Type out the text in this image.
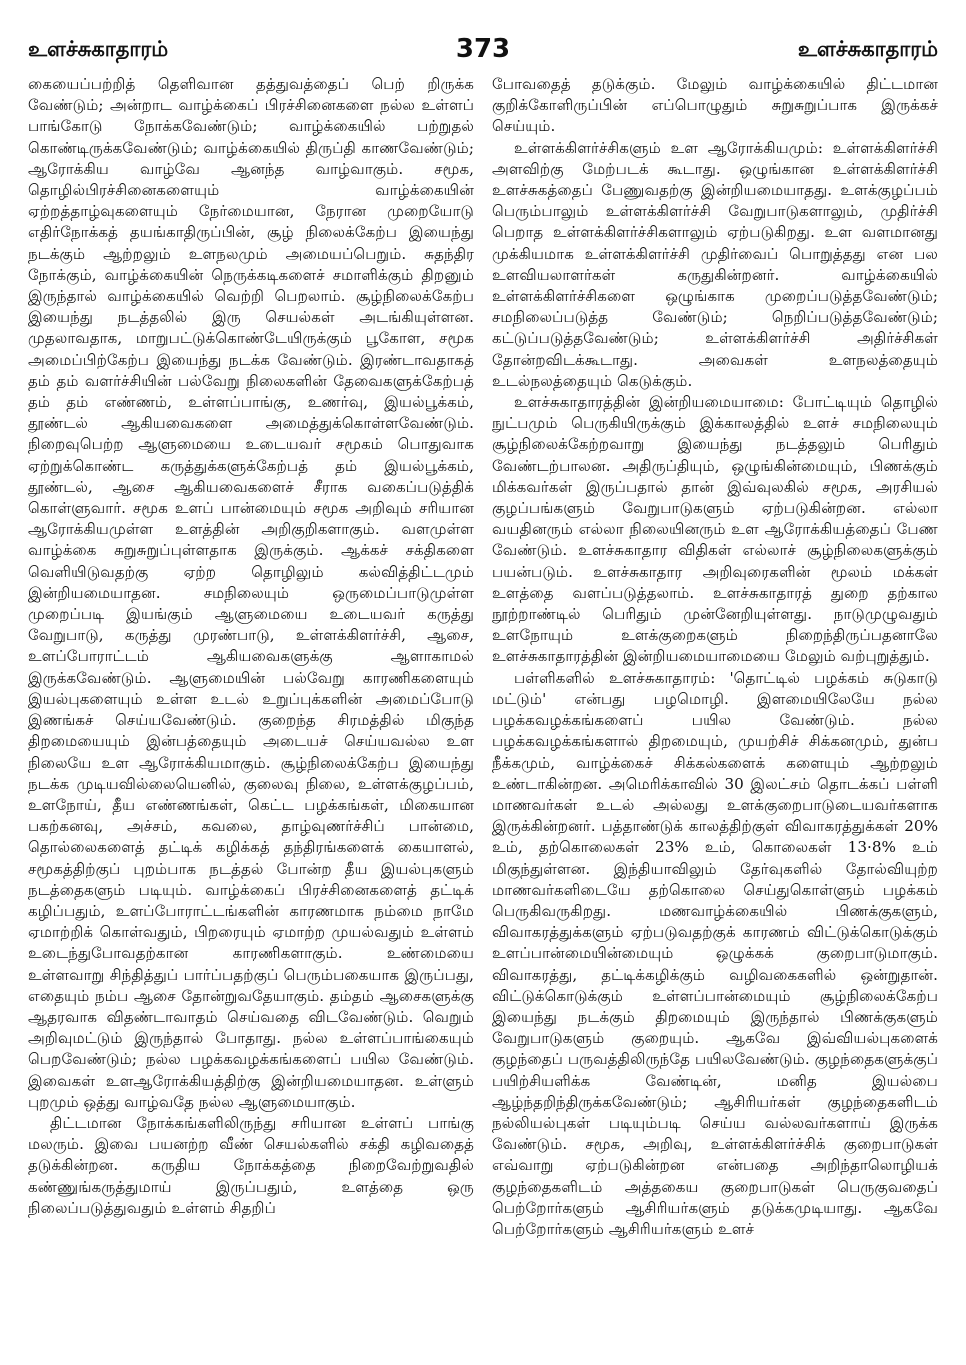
உளச்சுகாதாரம்	373	உளச்சுகாதாரம்

கையைப்பற்றித் தெளிவான தத்துவத்தைப் பெற் றிருக்க வேண்டும்; அன்றாட வாழ்க்கைப் பிரச்சினைகளை நல்ல உள்ளப் பாங்கோடு நோக்கவேண்டும்; வாழ்க்கையில் பற்றுதல் கொண்டிருக்கவேண்டும்; வாழ்க்கையில் திருப்தி காணவேண்டும்; ஆரோக்கிய வாழ்வே ஆனந்த வாழ்வாகும். சமூக, தொழில்பிரச்சினைகளையும் வாழ்க்கையின் ஏற்றத்தாழ்வுகளையும் நேர்மையான, நேரான முறையோடு எதிர்நோக்கத் தயங்காதிருப்பின், சூழ் நிலைக்கேற்ப இயைந்து நடக்கும் ஆற்றலும் உளநலமும் அமையப்பெறும். சுதந்திர நோக்கும், வாழ்க்கையின் நெருக்கடிகளைச் சமாளிக்கும் திறனும் இருந்தால் வாழ்க்கையில் வெற்றி பெறலாம். சூழ்நிலைக்கேற்ப இயைந்து நடத்தலில் இரு செயல்கள் அடங்கியுள்ளன. முதலாவதாக, மாறுபட்டுக்கொண்டேயிருக்கும் பூகோள, சமூக அமைப்பிற்கேற்ப இயைந்து நடக்க வேண்டும். இரண்டாவதாகத் தம் தம் வளர்ச்சியின் பல்வேறு நிலைகளின் தேவைகளுக்கேற்பத் தம் தம் எண்ணம், உள்ளப்பாங்கு, உணர்வு, இயல்பூக்கம், தூண்டல் ஆகியவைகளை அமைத்துக்கொள்ளவேண்டும். நிறைவுபெற்ற ஆளுமையை உடையவர் சமூகம் பொதுவாக ஏற்றுக்கொண்ட கருத்துக்களுக்கேற்பத் தம் இயல்பூக்கம், தூண்டல், ஆசை ஆகியவைகளைச் சீராக வகைப்படுத்திக் கொள்ளுவார். சமூக உளப் பான்மையும் சமூக அறிவும் சரியான ஆரோக்கியமுள்ள உளத்தின் அறிகுறிகளாகும். வளமுள்ள வாழ்க்கை சுறுசுறுப்புள்ளதாக இருக்கும். ஆக்கச் சக்திகளை வெளியிடுவதற்கு ஏற்ற தொழிலும் கல்வித்திட்டமும் இன்றியமையாதன. சமநிலையும் ஒருமைப்பாடுமுள்ள முறைப்படி இயங்கும் ஆளுமையை உடையவர் கருத்து வேறுபாடு, கருத்து முரண்பாடு, உள்ளக்கிளர்ச்சி, ஆசை, உளப்போராட்டம் ஆகியவைகளுக்கு ஆளாகாமல் இருக்கவேண்டும். ஆளுமையின் பல்வேறு காரணிகளையும் இயல்புகளையும் உள்ள உடல் உறுப்புக்களின் அமைப்போடு இணங்கச் செய்யவேண்டும். குறைந்த சிரமத்தில் மிகுந்த திறமையையும் இன்பத்தையும் அடையச் செய்யவல்ல உள நிலையே உள ஆரோக்கியமாகும். சூழ்நிலைக்கேற்ப இயைந்து நடக்க முடியவில்லையெனில், குலைவு நிலை, உள்ளக்குழப்பம், உளநோய், தீய எண்ணங்கள், கெட்ட பழக்கங்கள், மிகையான பகற்கனவு, அச்சம், கவலை, தாழ்வுணர்ச்சிப் பான்மை, தொல்லைகளைத் தட்டிக் கழிக்கத் தந்திரங்களைக் கையாளல், சமூகத்திற்குப் புறம்பாக நடத்தல் போன்ற தீய இயல்புகளும் நடத்தைகளும் படியும். வாழ்க்கைப் பிரச்சினைகளைத் தட்டிக் கழிப்பதும், உளப்போராட்டங்களின் காரணமாக நம்மை நாமே ஏமாற்றிக் கொள்வதும், பிறரையும் ஏமாற்ற முயல்வதும் உள்ளம் உடைந்துபோவதற்கான காரணிகளாகும். உண்மையை உள்ளவாறு சிந்தித்துப் பார்ப்பதற்குப் பெரும்பகையாக இருப்பது, எதையும் நம்ப ஆசை தோன்றுவதேயாகும். தம்தம் ஆசைகளுக்கு ஆதரவாக விதண்டாவாதம் செய்வதை விடவேண்டும். வெறும் அறிவுமட்டும் இருந்தால் போதாது. நல்ல உள்ளப்பாங்கையும் பெறவேண்டும்; நல்ல பழக்கவழக்கங்களைப் பயில வேண்டும். இவைகள் உளஆரோக்கியத்திற்கு இன்றியமையாதன. உள்ளும் புறமும் ஒத்து வாழ்வதே நல்ல ஆளுமையாகும்.

திட்டமான நோக்கங்களிலிருந்து சரியான உள்ளப் பாங்கு மலரும். இவை பயனற்ற வீண் செயல்களில் சக்தி கழிவதைத் தடுக்கின்றன. கருதிய நோக்கத்தை நிறைவேற்றுவதில் கண்ணுங்கருத்துமாய் இருப்பதும், உளத்தை ஒரு நிலைப்படுத்துவதும் உள்ளம் சிதறிப்

போவதைத் தடுக்கும். மேலும் வாழ்க்கையில் திட்டமான குறிக்கோளிருப்பின் எப்பொழுதும் சுறுசுறுப்பாக இருக்கச் செய்யும்.

உள்ளக்கிளர்ச்சிகளும் உள ஆரோக்கியமும்: உள்ளக்கிளர்ச்சி அளவிற்கு மேற்படக் கூடாது. ஒழுங்கான உள்ளக்கிளர்ச்சி உளச்சுகத்தைப் பேணுவதற்கு இன்றியமையாதது. உளக்குழப்பம் பெரும்பாலும் உள்ளக்கிளர்ச்சி வேறுபாடுகளாலும், முதிர்ச்சி பெறாத உள்ளக்கிளர்ச்சிகளாலும் ஏற்படுகிறது. உள வளமானது முக்கியமாக உள்ளக்கிளர்ச்சி முதிர்வைப் பொறுத்தது என பல உளவியலாளர்கள் கருதுகின்றனர். வாழ்க்கையில் உள்ளக்கிளர்ச்சிகளை ஒழுங்காக முறைப்படுத்தவேண்டும்; சமநிலைப்படுத்த வேண்டும்; நெறிப்படுத்தவேண்டும்; கட்டுப்படுத்தவேண்டும்; உள்ளக்கிளர்ச்சி அதிர்ச்சிகள் தோன்றவிடக்கூடாது. அவைகள் உளநலத்தையும் உடல்நலத்தையும் கெடுக்கும்.

உளச்சுகாதாரத்தின் இன்றியமையாமை: போட்டியும் தொழில் நுட்பமும் பெருகியிருக்கும் இக்காலத்தில் உளச் சமநிலையும் சூழ்நிலைக்கேற்றவாறு இயைந்து நடத்தலும் பெரிதும் வேண்டற்பாலன. அதிருப்தியும், ஒழுங்கின்மையும், பிணக்கும் மிக்கவர்கள் இருப்பதால் தான் இவ்வுலகில் சமூக, அரசியல் குழப்பங்களும் வேறுபாடுகளும் ஏற்படுகின்றன. எல்லா வயதினரும் எல்லா நிலையினரும் உள ஆரோக்கியத்தைப் பேண வேண்டும். உளச்சுகாதார விதிகள் எல்லாச் சூழ்நிலைகளுக்கும் பயன்படும். உளச்சுகாதார அறிவுரைகளின் மூலம் மக்கள் உளத்தை வளப்படுத்தலாம். உளச்சுகாதாரத் துறை தற்கால நூற்றாண்டில் பெரிதும் முன்னேறியுள்ளது. நாடுமுழுவதும் உளநோயும் உளக்குறைகளும் நிறைந்திருப்பதனாலே உளச்சுகாதாரத்தின் இன்றியமையாமையை மேலும் வற்புறுத்தும்.

பள்ளிகளில் உளச்சுகாதாரம்: 'தொட்டில் பழக்கம் சுடுகாடு மட்டும்' என்பது பழமொழி. இளமையிலேயே நல்ல பழக்கவழக்கங்களைப் பயில வேண்டும். நல்ல பழக்கவழக்கங்களால் திறமையும், முயற்சிச் சிக்கனமும், துன்ப நீக்கமும், வாழ்க்கைச் சிக்கல்களைக் களையும் ஆற்றலும் உண்டாகின்றன. அமெரிக்காவில் 30 இலட்சம் தொடக்கப் பள்ளி மாணவர்கள் உடல் அல்லது உளக்குறைபாடுடையவர்களாக இருக்கின்றனர். பத்தாண்டுக் காலத்திற்குள் விவாகரத்துக்கள் 20% உம், தற்கொலைகள் 23% உம், கொலைகள் 13·8% உம் மிகுந்துள்ளன. இந்தியாவிலும் தேர்வுகளில் தோல்வியுற்ற மாணவர்களிடையே தற்கொலை செய்துகொள்ளும் பழக்கம் பெருகிவருகிறது. மணவாழ்க்கையில் பிணக்குகளும், விவாகரத்துக்களும் ஏற்படுவதற்குக் காரணம் விட்டுக்கொடுக்கும் உளப்பான்மையின்மையும் ஒழுக்கக் குறைபாடுமாகும். விவாகரத்து, தட்டிக்கழிக்கும் வழிவகைகளில் ஒன்றுதான். விட்டுக்கொடுக்கும் உள்ளப்பான்மையும் சூழ்நிலைக்கேற்ப இயைந்து நடக்கும் திறமையும் இருந்தால் பிணக்குகளும் வேறுபாடுகளும் குறையும். ஆகவே இவ்வியல்புகளைக் குழந்தைப் பருவத்திலிருந்தே பயிலவேண்டும். குழந்தைகளுக்குப் பயிற்சியளிக்க வேண்டின், மனித இயல்பை ஆழ்ந்தறிந்திருக்கவேண்டும்; ஆசிரியர்கள் குழந்தைகளிடம் நல்லியல்புகள் படியும்படி செய்ய வல்லவர்களாய் இருக்க வேண்டும். சமூக, அறிவு, உள்ளக்கிளர்ச்சிக் குறைபாடுகள் எவ்வாறு ஏற்படுகின்றன என்பதை அறிந்தாலொழியக் குழந்தைகளிடம் அத்தகைய குறைபாடுகள் பெருகுவதைப் பெற்றோர்களும் ஆசிரியர்களும் தடுக்கமுடியாது. ஆகவே பெற்றோர்களும் ஆசிரியர்களும் உளச்
